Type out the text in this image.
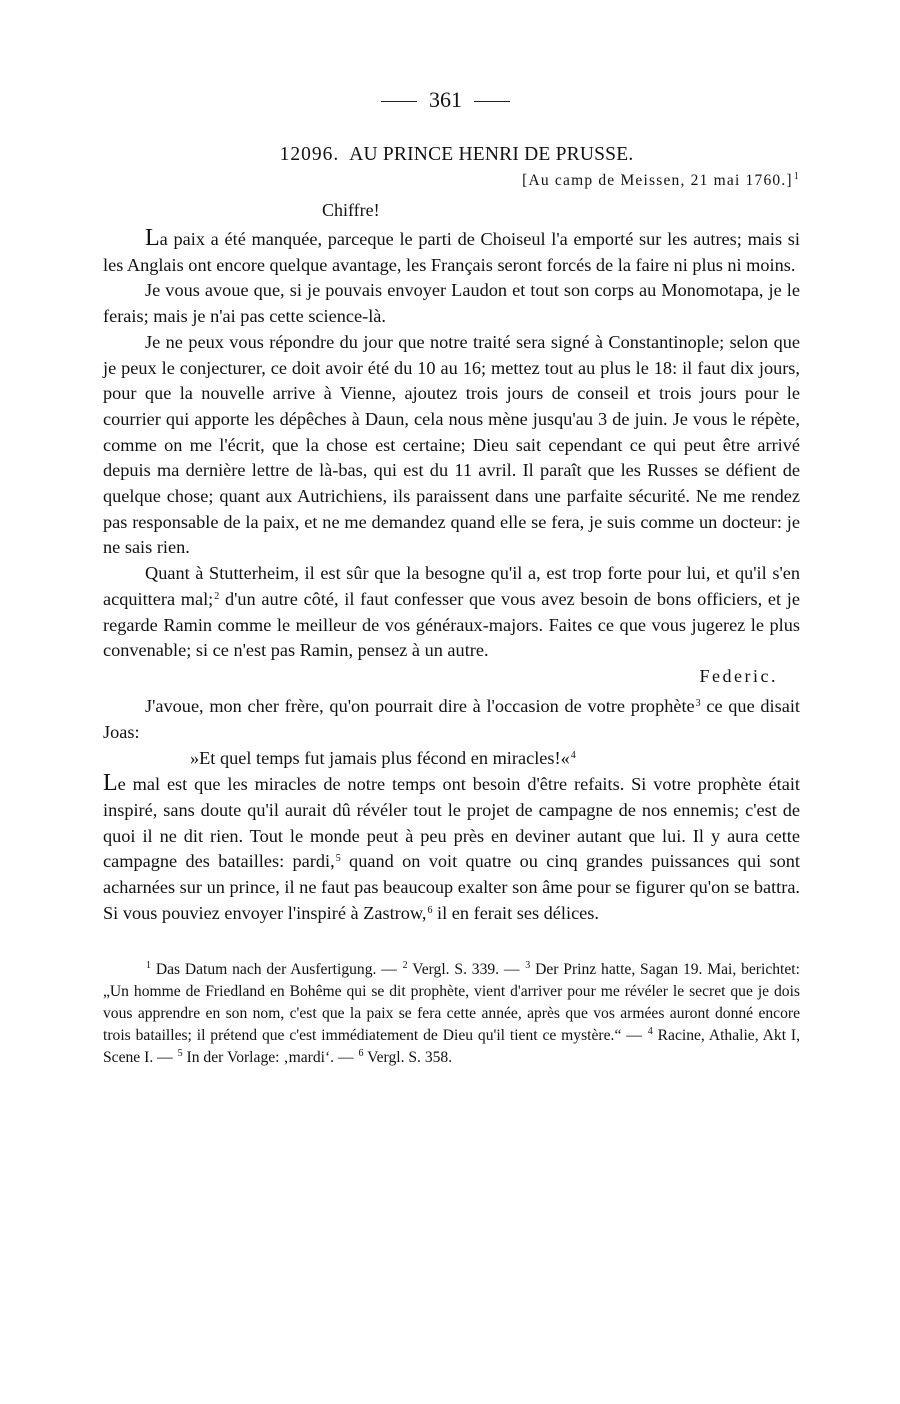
361
12096. AU PRINCE HENRI DE PRUSSE.
[Au camp de Meissen, 21 mai 1760.]$^1$
Chiffre!

La paix a été manquée, parceque le parti de Choiseul l'a emporté sur les autres; mais si les Anglais ont encore quelque avantage, les Français seront forcés de la faire ni plus ni moins.

Je vous avoue que, si je pouvais envoyer Laudon et tout son corps au Monomotapa, je le ferais; mais je n'ai pas cette science-là.

Je ne peux vous répondre du jour que notre traité sera signé à Constantinople; selon que je peux le conjecturer, ce doit avoir été du 10 au 16; mettez tout au plus le 18: il faut dix jours, pour que la nouvelle arrive à Vienne, ajoutez trois jours de conseil et trois jours pour le courrier qui apporte les dépêches à Daun, cela nous mène jusqu'au 3 de juin. Je vous le répète, comme on me l'écrit, que la chose est certaine; Dieu sait cependant ce qui peut être arrivé depuis ma dernière lettre de là-bas, qui est du 11 avril. Il paraît que les Russes se défient de quelque chose; quant aux Autrichiens, ils paraissent dans une parfaite sécurité. Ne me rendez pas responsable de la paix, et ne me demandez quand elle se fera, je suis comme un docteur: je ne sais rien.

Quant à Stutterheim, il est sûr que la besogne qu'il a, est trop forte pour lui, et qu'il s'en acquittera mal;$^2$ d'un autre côté, il faut confesser que vous avez besoin de bons officiers, et je regarde Ramin comme le meilleur de vos généraux-majors. Faites ce que vous jugerez le plus convenable; si ce n'est pas Ramin, pensez à un autre.

Federic.

J'avoue, mon cher frère, qu'on pourrait dire à l'occasion de votre prophète$^3$ ce que disait Joas:

»Et quel temps fut jamais plus fécond en miracles!«$^4$

Le mal est que les miracles de notre temps ont besoin d'être refaits. Si votre prophète était inspiré, sans doute qu'il aurait dû révéler tout le projet de campagne de nos ennemis; c'est de quoi il ne dit rien. Tout le monde peut à peu près en deviner autant que lui. Il y aura cette campagne des batailles: pardi,$^5$ quand on voit quatre ou cinq grandes puissances qui sont acharnées sur un prince, il ne faut pas beaucoup exalter son âme pour se figurer qu'on se battra. Si vous pouviez envoyer l'inspiré à Zastrow,$^6$ il en ferait ses délices.

$^1$ Das Datum nach der Ausfertigung. — $^2$ Vergl. S. 339. — $^3$ Der Prinz hatte, Sagan 19. Mai, berichtet: „Un homme de Friedland en Bohême qui se dit prophète, vient d'arriver pour me révéler le secret que je dois vous apprendre en son nom, c'est que la paix se fera cette année, après que vos armées auront donné encore trois batailles; il prétend que c'est immédiatement de Dieu qu'il tient ce mystère.“ — $^4$ Racine, Athalie, Akt I, Scene I. — $^5$ In der Vorlage: ‚mardi‘. — $^6$ Vergl. S. 358.
